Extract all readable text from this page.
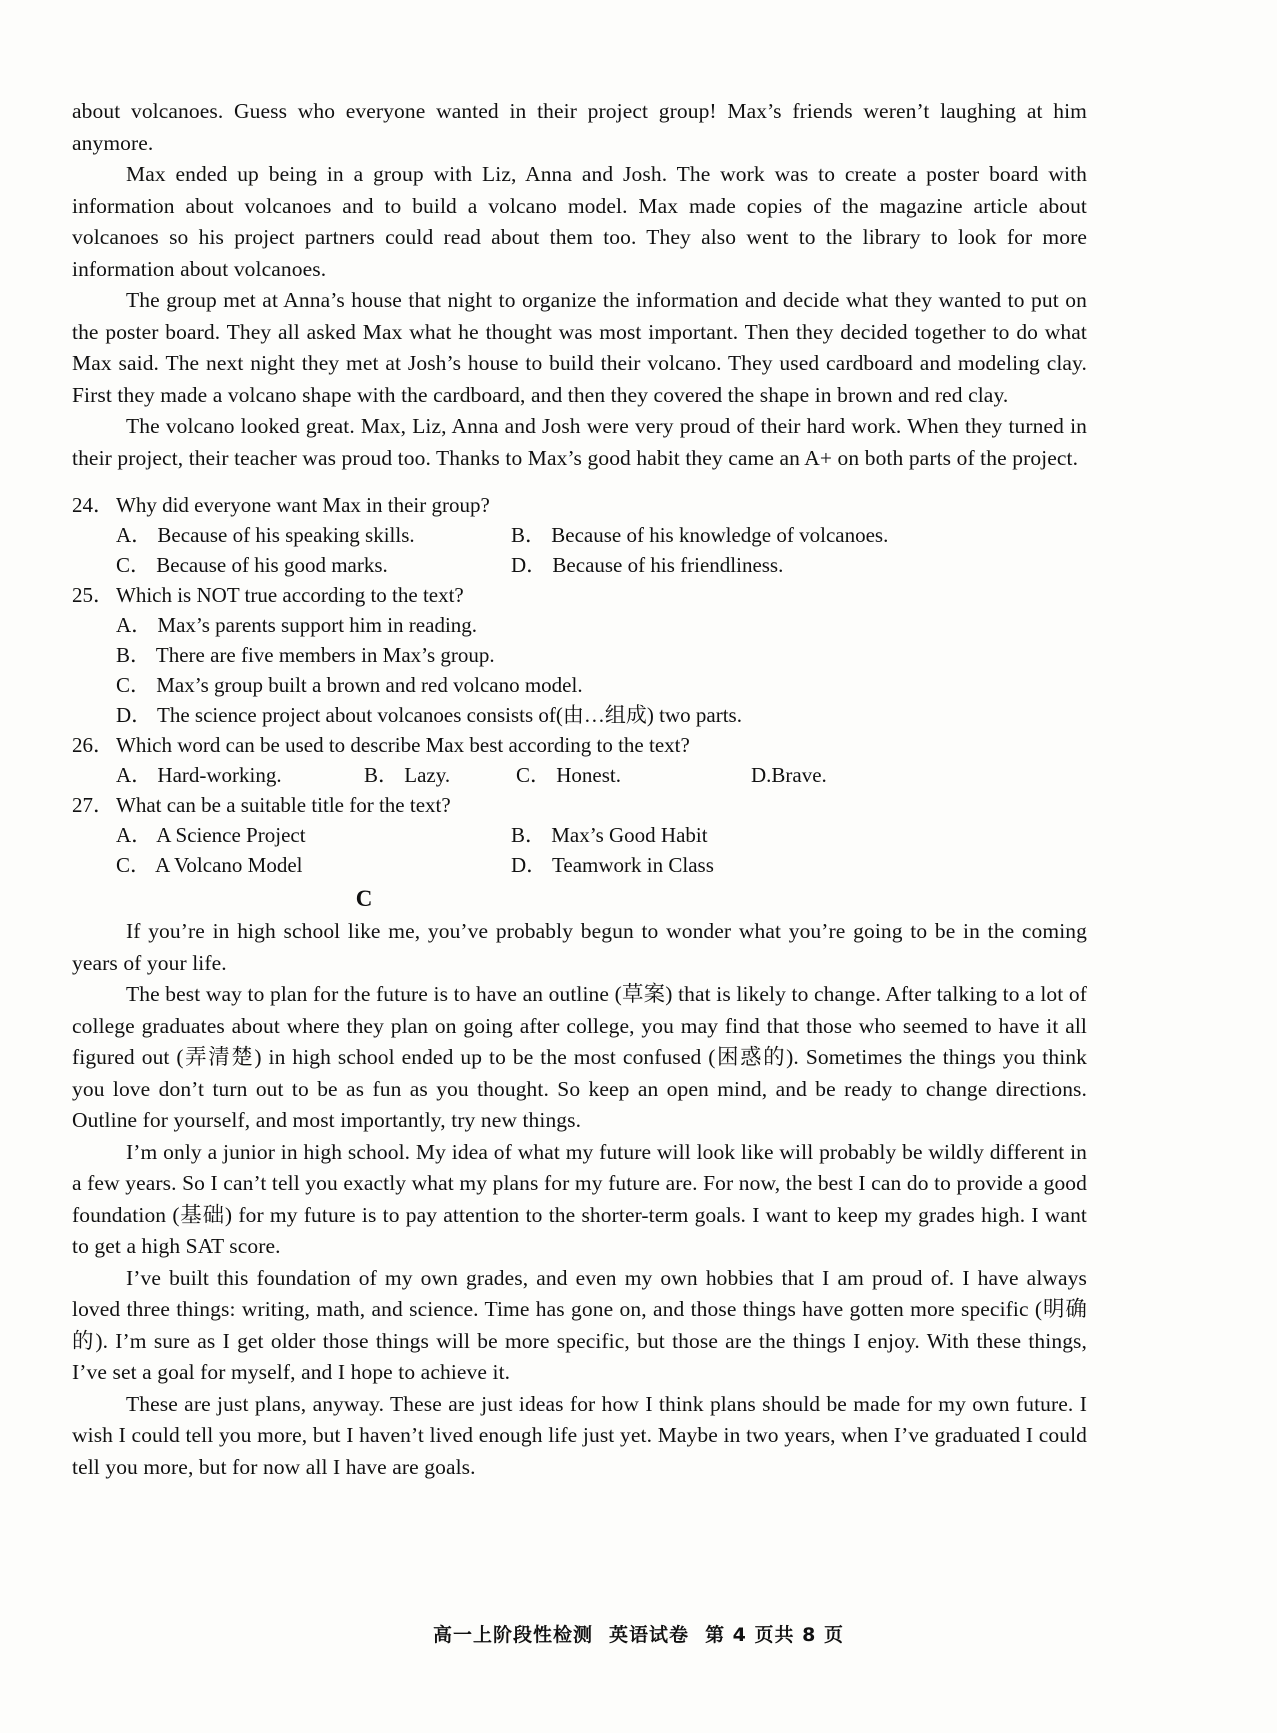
about volcanoes. Guess who everyone wanted in their project group! Max’s friends weren’t laughing at him anymore.

Max ended up being in a group with Liz, Anna and Josh. The work was to create a poster board with information about volcanoes and to build a volcano model. Max made copies of the magazine article about volcanoes so his project partners could read about them too. They also went to the library to look for more information about volcanoes.

The group met at Anna’s house that night to organize the information and decide what they wanted to put on the poster board. They all asked Max what he thought was most important. Then they decided together to do what Max said. The next night they met at Josh’s house to build their volcano. They used cardboard and modeling clay. First they made a volcano shape with the cardboard, and then they covered the shape in brown and red clay.

The volcano looked great. Max, Liz, Anna and Josh were very proud of their hard work. When they turned in their project, their teacher was proud too. Thanks to Max’s good habit they came an A+ on both parts of the project.

24． Why did everyone want Max in their group?
A． Because of his speaking skills.	B． Because of his knowledge of volcanoes.
C． Because of his good marks.	D． Because of his friendliness.
25． Which is NOT true according to the text?
A． Max’s parents support him in reading.
B． There are five members in Max’s group.
C． Max’s group built a brown and red volcano model.
D． The science project about volcanoes consists of(由…组成) two parts.
26． Which word can be used to describe Max best according to the text?
A． Hard-working.	B． Lazy.	C． Honest.	D.Brave.
27． What can be a suitable title for the text?
A． A Science Project	B． Max’s Good Habit
C． A Volcano Model	D． Teamwork in Class
C

If you’re in high school like me, you’ve probably begun to wonder what you’re going to be in the coming years of your life.

The best way to plan for the future is to have an outline (草案) that is likely to change. After talking to a lot of college graduates about where they plan on going after college, you may find that those who seemed to have it all figured out (弄清楚) in high school ended up to be the most confused (困惑的). Sometimes the things you think you love don’t turn out to be as fun as you thought. So keep an open mind, and be ready to change directions. Outline for yourself, and most importantly, try new things.

I’m only a junior in high school. My idea of what my future will look like will probably be wildly different in a few years. So I can’t tell you exactly what my plans for my future are. For now, the best I can do to provide a good foundation (基础) for my future is to pay attention to the shorter-term goals. I want to keep my grades high. I want to get a high SAT score.

I’ve built this foundation of my own grades, and even my own hobbies that I am proud of. I have always loved three things: writing, math, and science. Time has gone on, and those things have gotten more specific (明确的). I’m sure as I get older those things will be more specific, but those are the things I enjoy. With these things, I’ve set a goal for myself, and I hope to achieve it.

These are just plans, anyway. These are just ideas for how I think plans should be made for my own future. I wish I could tell you more, but I haven’t lived enough life just yet. Maybe in two years, when I’ve graduated I could tell you more, but for now all I have are goals.

高一上阶段性检测 英语试卷 第 4 页共 8 页
